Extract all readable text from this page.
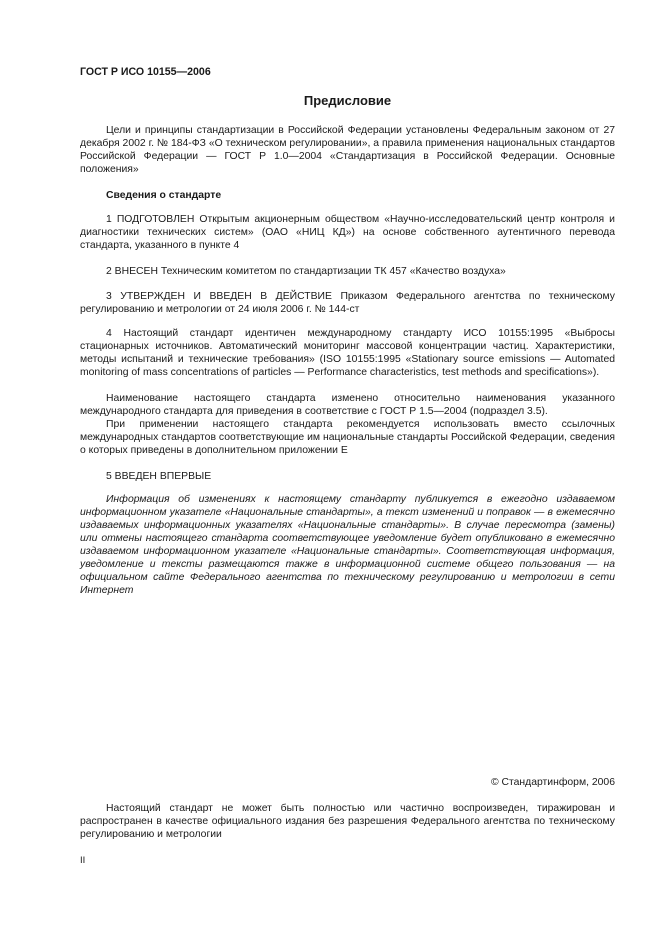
ГОСТ Р ИСО 10155—2006
Предисловие

Цели и принципы стандартизации в Российской Федерации установлены Федеральным законом от 27 декабря 2002 г. № 184-ФЗ «О техническом регулировании», а правила применения национальных стандартов Российской Федерации — ГОСТ Р 1.0—2004 «Стандартизация в Российской Федерации. Основные положения»

Сведения о стандарте

1 ПОДГОТОВЛЕН Открытым акционерным обществом «Научно-исследовательский центр контроля и диагностики технических систем» (ОАО «НИЦ КД») на основе собственного аутентичного перевода стандарта, указанного в пункте 4

2 ВНЕСЕН Техническим комитетом по стандартизации ТК 457 «Качество воздуха»

3 УТВЕРЖДЕН И ВВЕДЕН В ДЕЙСТВИЕ Приказом Федерального агентства по техническому регулированию и метрологии от 24 июля 2006 г. № 144-ст

4 Настоящий стандарт идентичен международному стандарту ИСО 10155:1995 «Выбросы стационарных источников. Автоматический мониторинг массовой концентрации частиц. Характеристики, методы испытаний и технические требования» (ISO 10155:1995 «Stationary source emissions — Automated monitoring of mass concentrations of particles — Performance characteristics, test methods and specifications»).

Наименование настоящего стандарта изменено относительно наименования указанного международного стандарта для приведения в соответствие с ГОСТ Р 1.5—2004 (подраздел 3.5).

При применении настоящего стандарта рекомендуется использовать вместо ссылочных международных стандартов соответствующие им национальные стандарты Российской Федерации, сведения о которых приведены в дополнительном приложении Е

5 ВВЕДЕН ВПЕРВЫЕ

Информация об изменениях к настоящему стандарту публикуется в ежегодно издаваемом информационном указателе «Национальные стандарты», а текст изменений и поправок — в ежемесячно издаваемых информационных указателях «Национальные стандарты». В случае пересмотра (замены) или отмены настоящего стандарта соответствующее уведомление будет опубликовано в ежемесячно издаваемом информационном указателе «Национальные стандарты». Соответствующая информация, уведомление и тексты размещаются также в информационной системе общего пользования — на официальном сайте Федерального агентства по техническому регулированию и метрологии в сети Интернет

© Стандартинформ, 2006

Настоящий стандарт не может быть полностью или частично воспроизведен, тиражирован и распространен в качестве официального издания без разрешения Федерального агентства по техническому регулированию и метрологии

II
